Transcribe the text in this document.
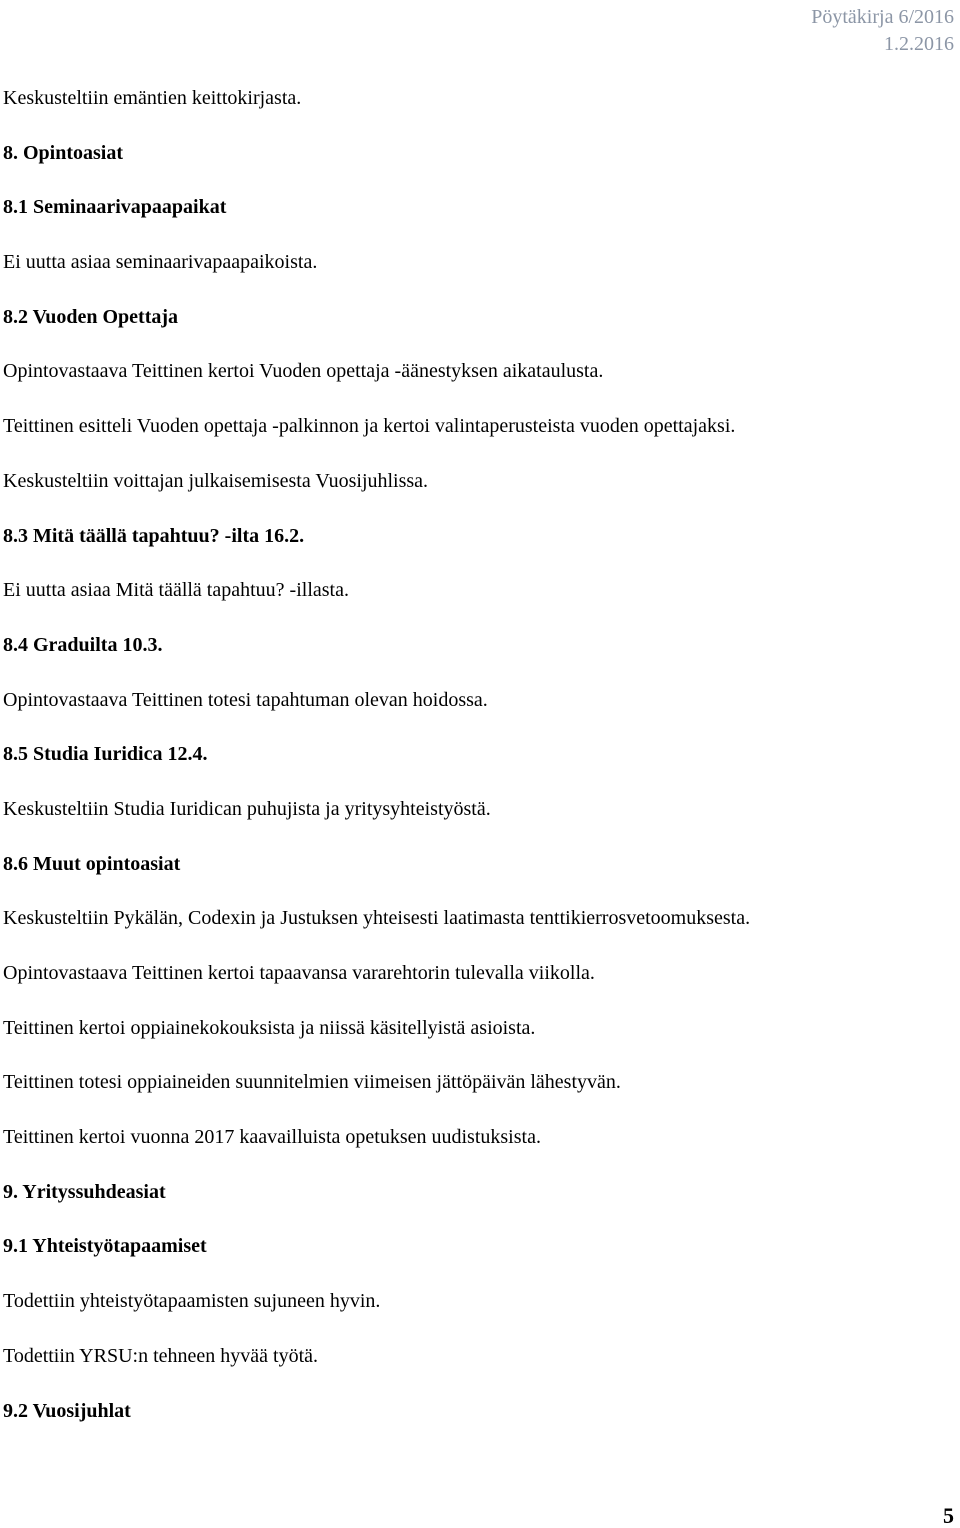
Pöytäkirja 6/2016
1.2.2016
Keskusteltiin emäntien keittokirjasta.
8. Opintoasiat
8.1 Seminaarivapaapaikat
Ei uutta asiaa seminaarivapaapaikoista.
8.2 Vuoden Opettaja
Opintovastaava Teittinen kertoi Vuoden opettaja -äänestyksen aikataulusta.
Teittinen esitteli Vuoden opettaja -palkinnon ja kertoi valintaperusteista vuoden opettajaksi.
Keskusteltiin voittajan julkaisemisesta Vuosijuhlissa.
8.3 Mitä täällä tapahtuu? -ilta 16.2.
Ei uutta asiaa Mitä täällä tapahtuu? -illasta.
8.4 Graduilta 10.3.
Opintovastaava Teittinen totesi tapahtuman olevan hoidossa.
8.5 Studia Iuridica 12.4.
Keskusteltiin Studia Iuridican puhujista ja yritysyhteistyöstä.
8.6 Muut opintoasiat
Keskusteltiin Pykälän, Codexin ja Justuksen yhteisesti laatimasta tenttikierrosvetoomuksesta.
Opintovastaava Teittinen kertoi tapaavansa vararehtorin tulevalla viikolla.
Teittinen kertoi oppiainekokouksista ja niissä käsitellyistä asioista.
Teittinen totesi oppiaineiden suunnitelmien viimeisen jättöpäivän lähestyvän.
Teittinen kertoi vuonna 2017 kaavailluista opetuksen uudistuksista.
9. Yrityssuhdeasiat
9.1 Yhteistyötapaamiset
Todettiin yhteistyötapaamisten sujuneen hyvin.
Todettiin YRSU:n tehneen hyvää työtä.
9.2 Vuosijuhlat
5
